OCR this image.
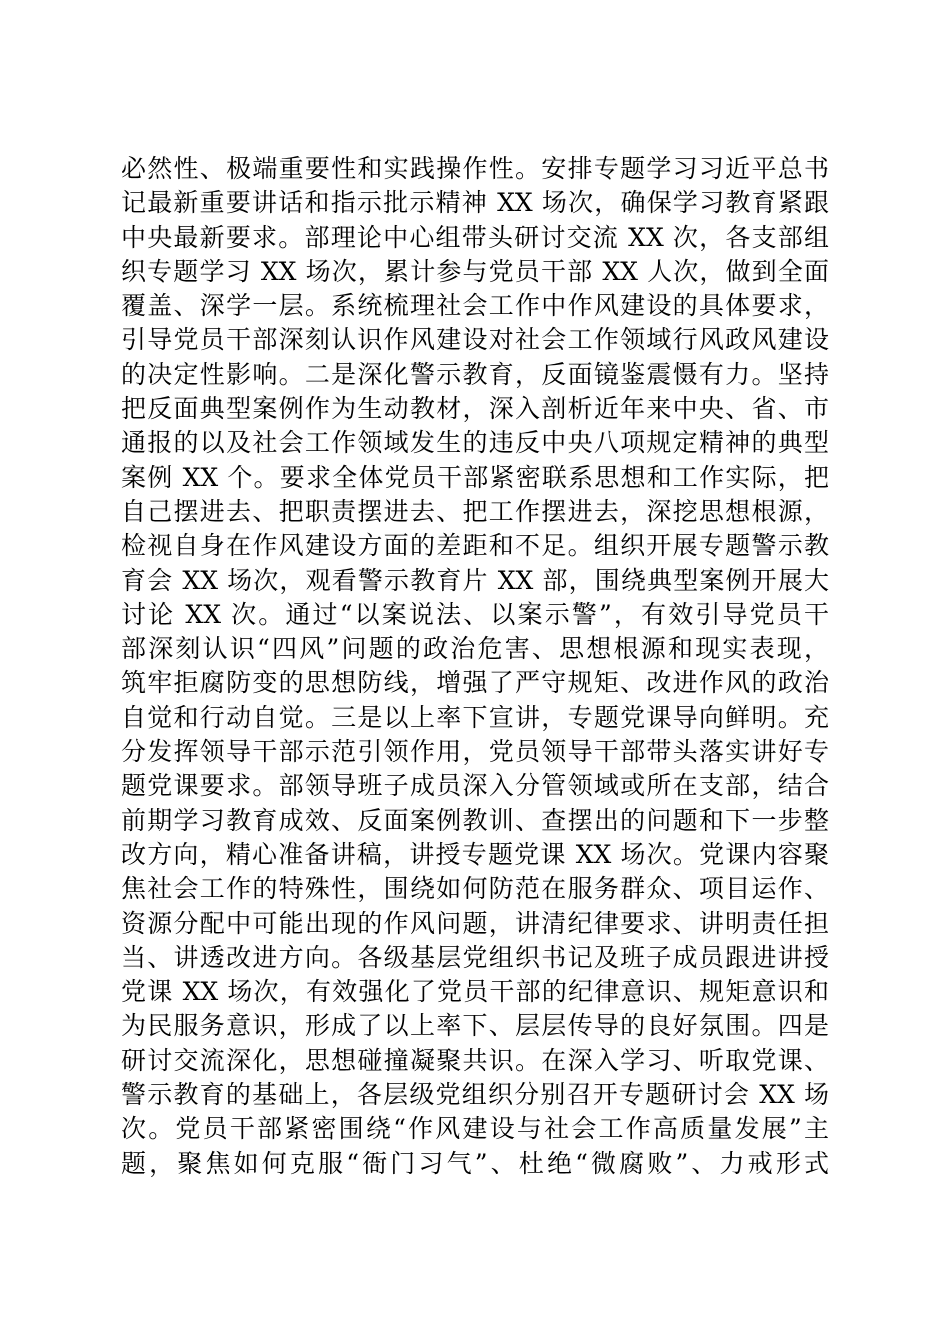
必然性、极端重要性和实践操作性。安排专题学习习近平总书
记最新重要讲话和指示批示精神 XX 场次，确保学习教育紧跟
中央最新要求。部理论中心组带头研讨交流 XX 次，各支部组
织专题学习 XX 场次，累计参与党员干部 XX 人次，做到全面
覆盖、深学一层。系统梳理社会工作中作风建设的具体要求，
引导党员干部深刻认识作风建设对社会工作领域行风政风建设
的决定性影响。二是深化警示教育，反面镜鉴震慑有力。坚持
把反面典型案例作为生动教材，深入剖析近年来中央、省、市
通报的以及社会工作领域发生的违反中央八项规定精神的典型
案例 XX 个。要求全体党员干部紧密联系思想和工作实际，把
自己摆进去、把职责摆进去、把工作摆进去，深挖思想根源，
检视自身在作风建设方面的差距和不足。组织开展专题警示教
育会 XX 场次，观看警示教育片 XX 部，围绕典型案例开展大
讨论 XX 次。通过“以案说法、以案示警”，有效引导党员干
部深刻认识“四风”问题的政治危害、思想根源和现实表现，
筑牢拒腐防变的思想防线，增强了严守规矩、改进作风的政治
自觉和行动自觉。三是以上率下宣讲，专题党课导向鲜明。充
分发挥领导干部示范引领作用，党员领导干部带头落实讲好专
题党课要求。部领导班子成员深入分管领域或所在支部，结合
前期学习教育成效、反面案例教训、查摆出的问题和下一步整
改方向，精心准备讲稿，讲授专题党课 XX 场次。党课内容聚
焦社会工作的特殊性，围绕如何防范在服务群众、项目运作、
资源分配中可能出现的作风问题，讲清纪律要求、讲明责任担
当、讲透改进方向。各级基层党组织书记及班子成员跟进讲授
党课 XX 场次，有效强化了党员干部的纪律意识、规矩意识和
为民服务意识，形成了以上率下、层层传导的良好氛围。四是
研讨交流深化，思想碰撞凝聚共识。在深入学习、听取党课、
警示教育的基础上，各层级党组织分别召开专题研讨会 XX 场
次。党员干部紧密围绕“作风建设与社会工作高质量发展”主
题，聚焦如何克服“衙门习气”、杜绝“微腐败”、力戒形式
